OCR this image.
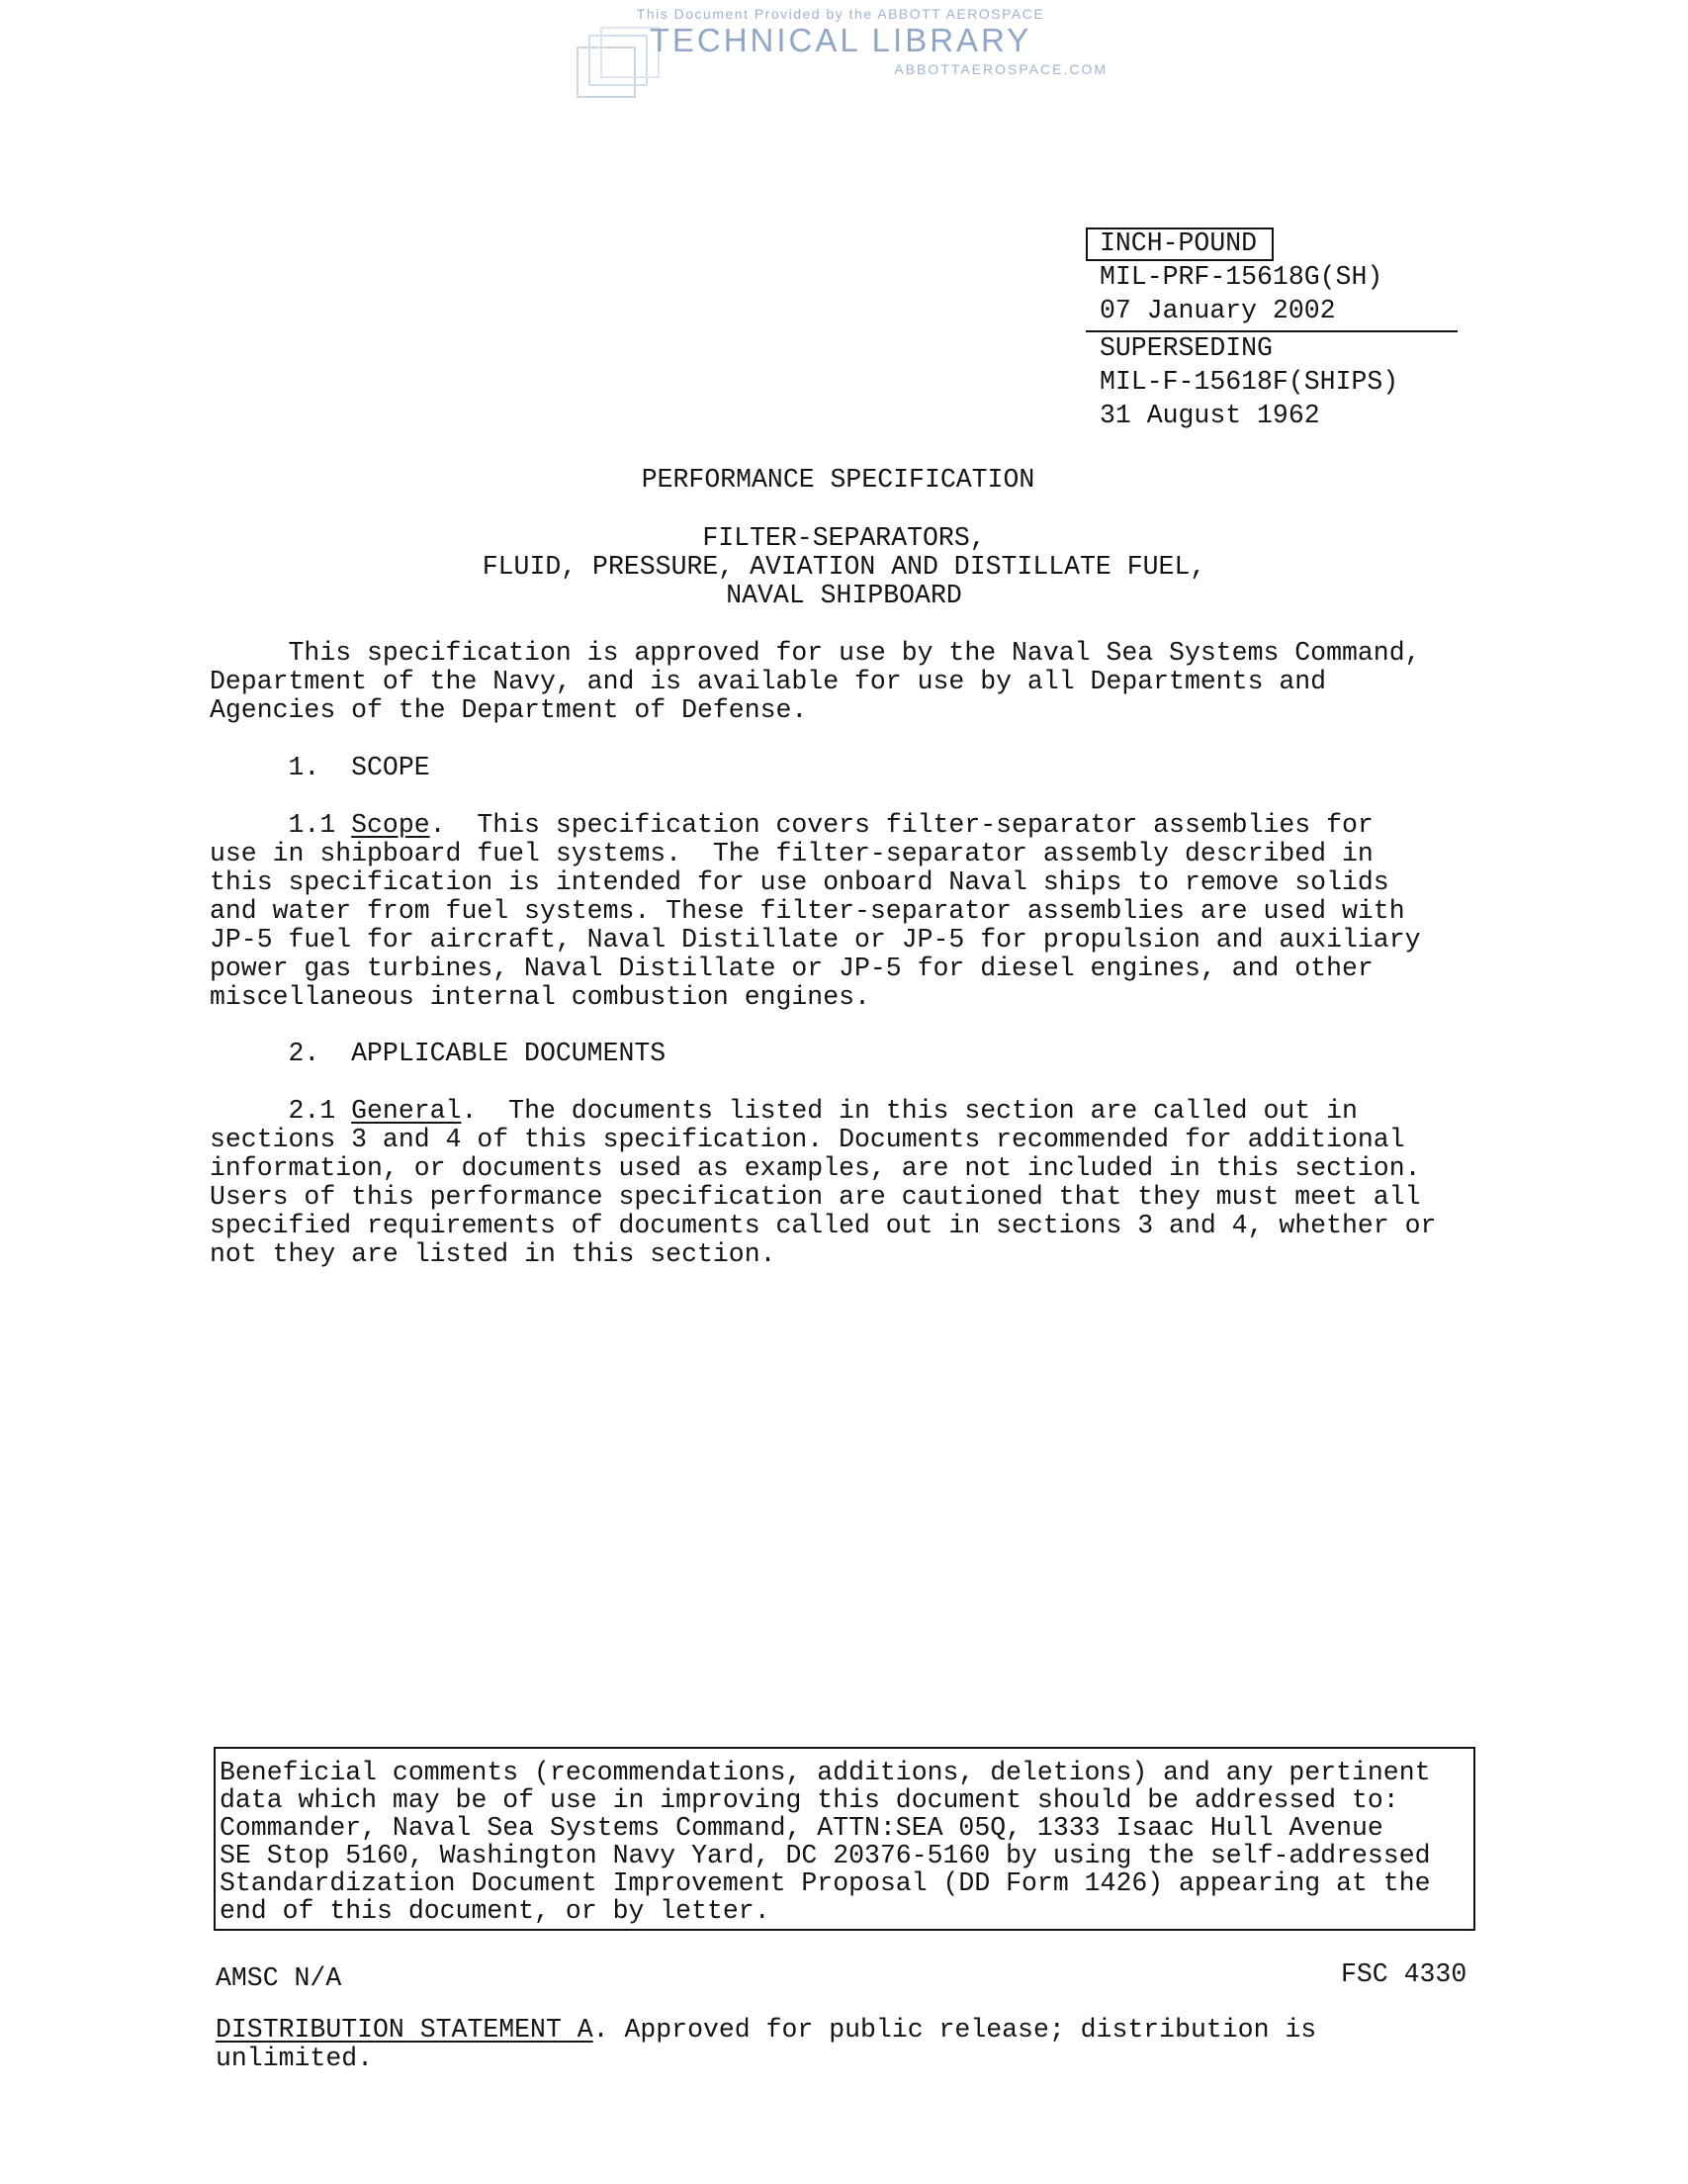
This Document Provided by the ABBOTT AEROSPACE
TECHNICAL LIBRARY
ABBOTTAEROSPACE.COM
INCH-POUND
MIL-PRF-15618G(SH)
07 January 2002
SUPERSEDING
MIL-F-15618F(SHIPS)
31 August 1962
PERFORMANCE SPECIFICATION
FILTER-SEPARATORS,
FLUID, PRESSURE, AVIATION AND DISTILLATE FUEL,
NAVAL SHIPBOARD
This specification is approved for use by the Naval Sea Systems Command,
Department of the Navy, and is available for use by all Departments and
Agencies of the Department of Defense.
1.  SCOPE
1.1 Scope.  This specification covers filter-separator assemblies for
use in shipboard fuel systems.  The filter-separator assembly described in
this specification is intended for use onboard Naval ships to remove solids
and water from fuel systems. These filter-separator assemblies are used with
JP-5 fuel for aircraft, Naval Distillate or JP-5 for propulsion and auxiliary
power gas turbines, Naval Distillate or JP-5 for diesel engines, and other
miscellaneous internal combustion engines.
2.  APPLICABLE DOCUMENTS
2.1 General.  The documents listed in this section are called out in
sections 3 and 4 of this specification. Documents recommended for additional
information, or documents used as examples, are not included in this section.
Users of this performance specification are cautioned that they must meet all
specified requirements of documents called out in sections 3 and 4, whether or
not they are listed in this section.
Beneficial comments (recommendations, additions, deletions) and any pertinent
data which may be of use in improving this document should be addressed to:
Commander, Naval Sea Systems Command, ATTN:SEA 05Q, 1333 Isaac Hull Avenue
SE Stop 5160, Washington Navy Yard, DC 20376-5160 by using the self-addressed
Standardization Document Improvement Proposal (DD Form 1426) appearing at the
end of this document, or by letter.
AMSC N/A	FSC 4330
DISTRIBUTION STATEMENT A. Approved for public release; distribution is
unlimited.
